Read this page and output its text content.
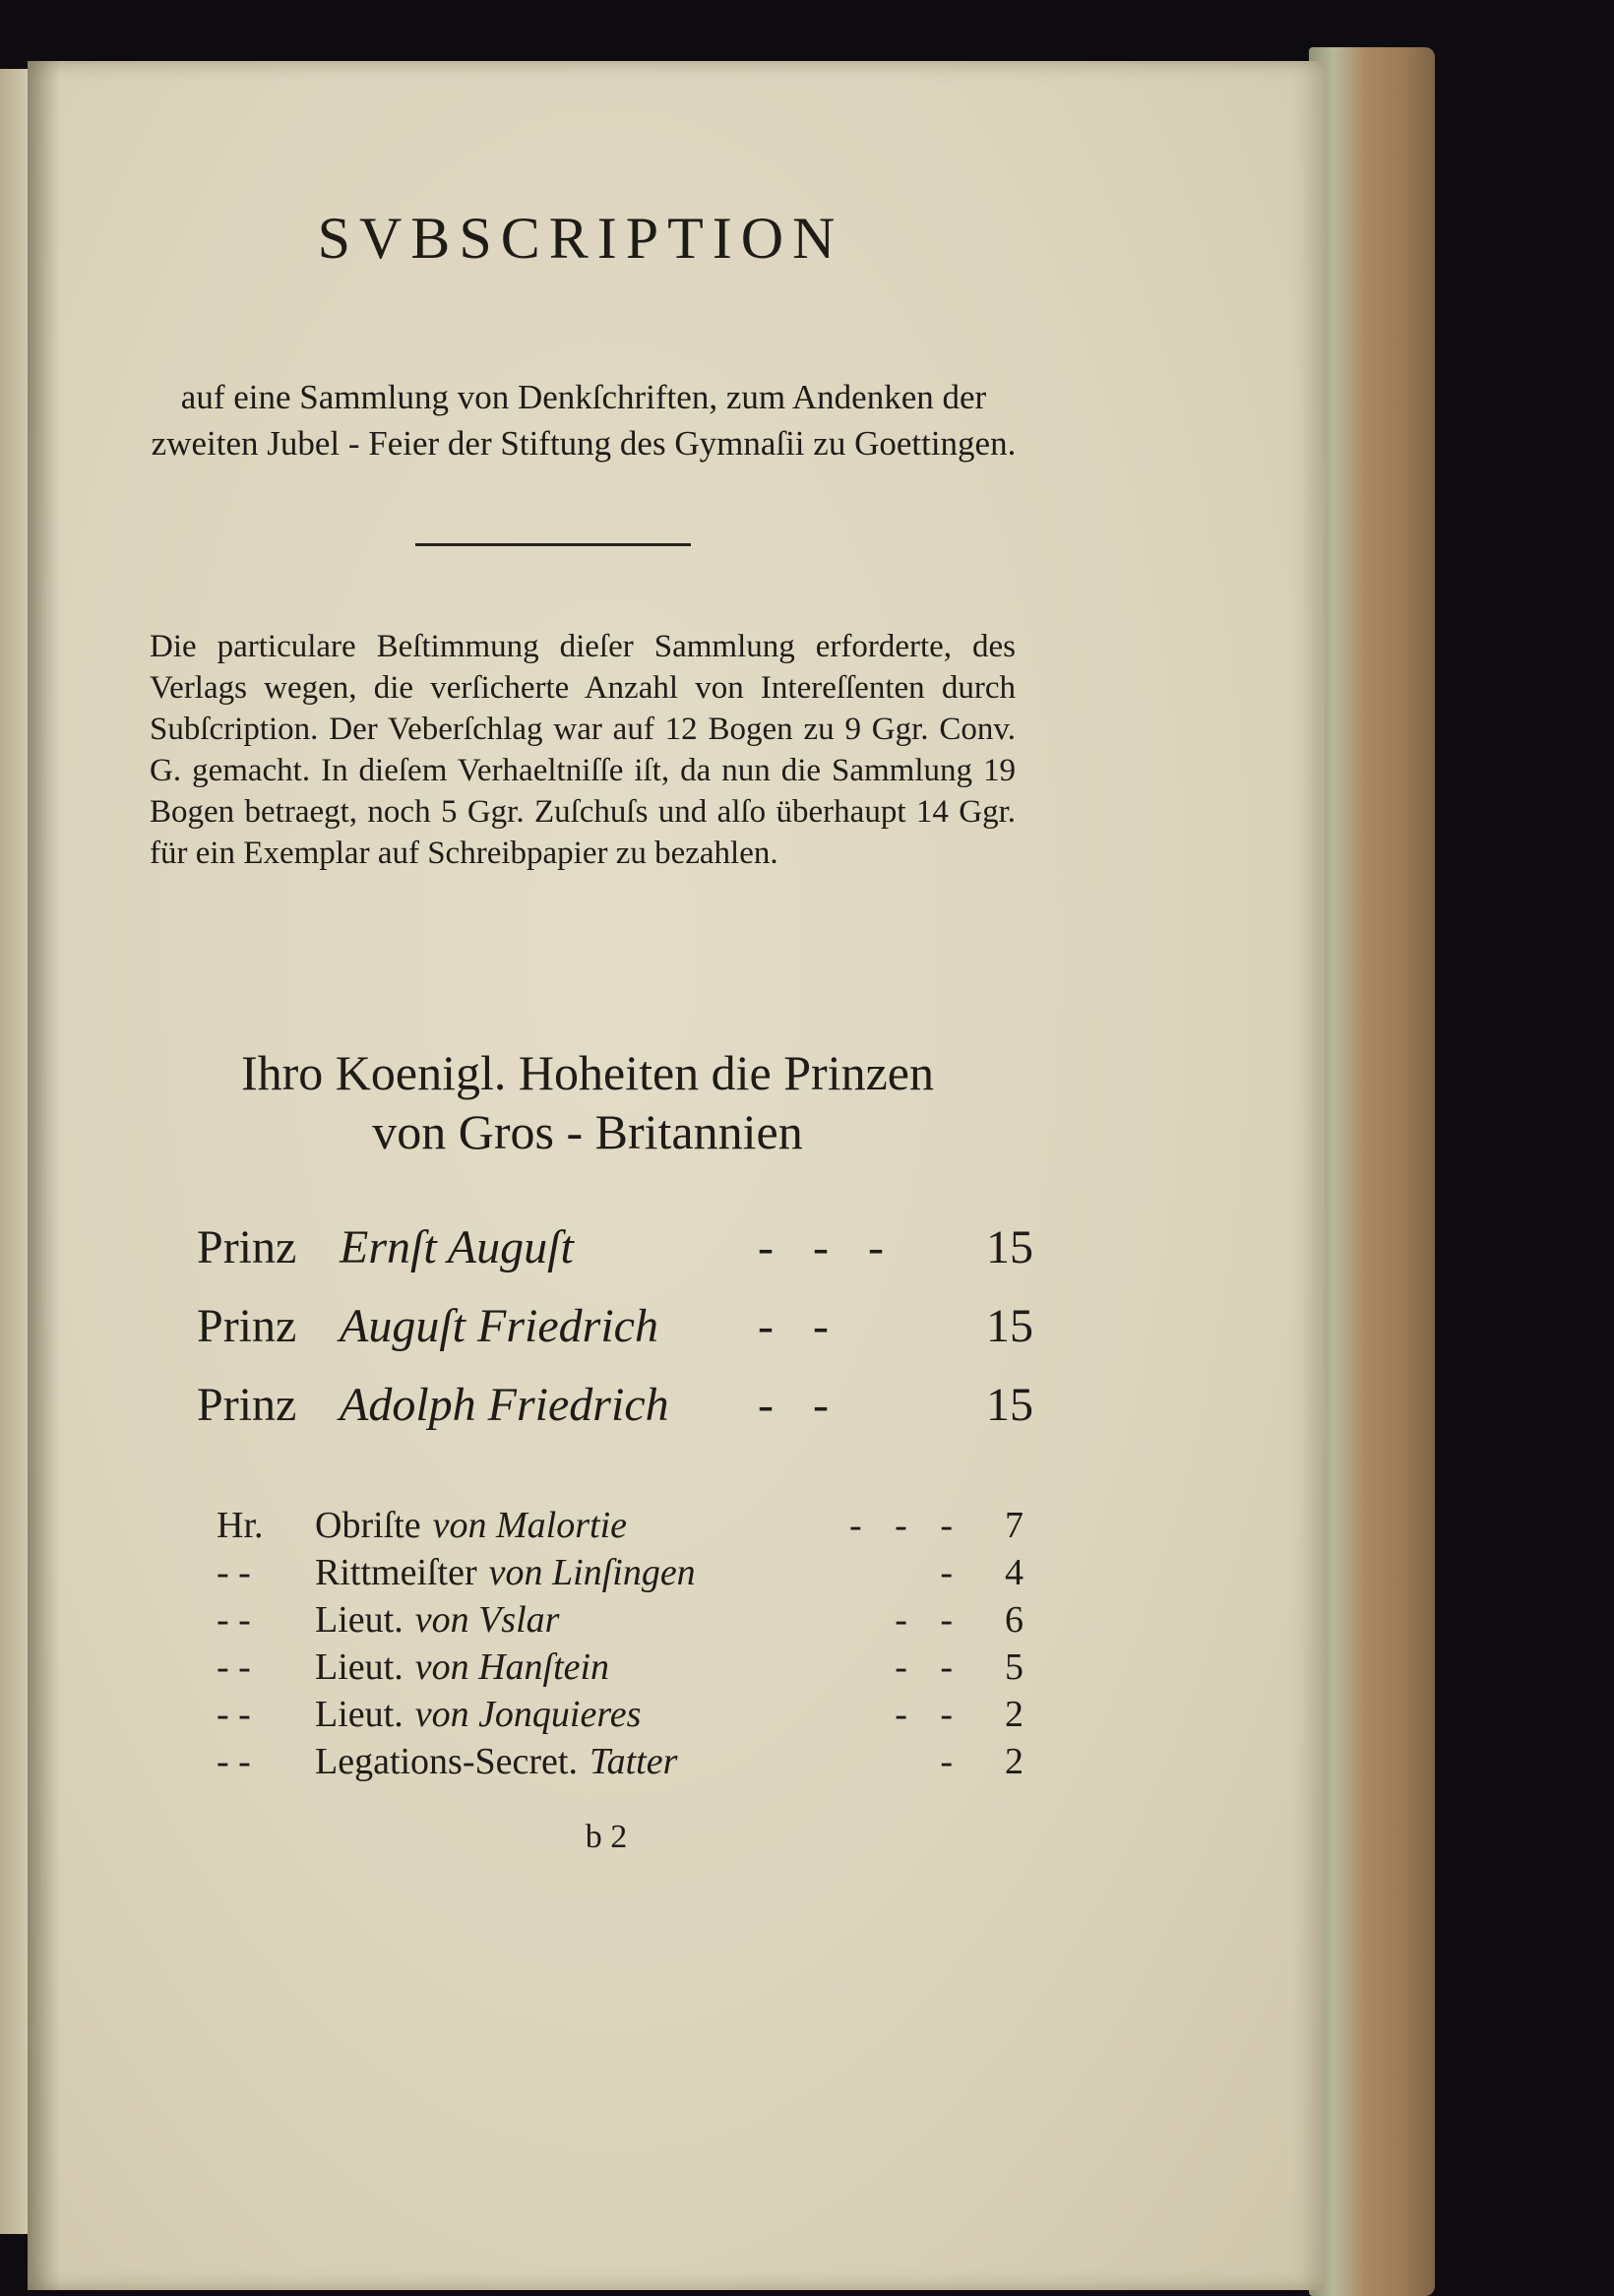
SVBSCRIPTION

auf eine Sammlung von Denkſchriften, zum Andenken der zweiten Jubel - Feier der Stiftung des Gymnaſii zu Goettingen.

Die particulare Beſtimmung dieſer Sammlung erforderte, des Verlags wegen, die verſicherte Anzahl von Intereſſenten durch Subſcription. Der Veberſchlag war auf 12 Bogen zu 9 Ggr. Conv. G. gemacht. In dieſem Verhaeltniſſe iſt, da nun die Sammlung 19 Bogen betraegt, noch 5 Ggr. Zuſchuſs und alſo überhaupt 14 Ggr. für ein Exemplar auf Schreibpapier zu bezahlen.

Ihro Koenigl. Hoheiten die Prinzen
von Gros - Britannien
Prinz Ernſt Auguſt	- - -	15
Prinz Auguſt Friedrich	- -	15
Prinz Adolph Friedrich	- -	15
Hr.	Obriſte von Malortie	- - -	7
- -	Rittmeiſter von Linſingen	-	4
- -	Lieut. von Vslar	- -	6
- -	Lieut. von Hanſtein	- -	5
- -	Lieut. von Jonquieres	- -	2
- -	Legations-Secret. Tatter	-	2

b 2
